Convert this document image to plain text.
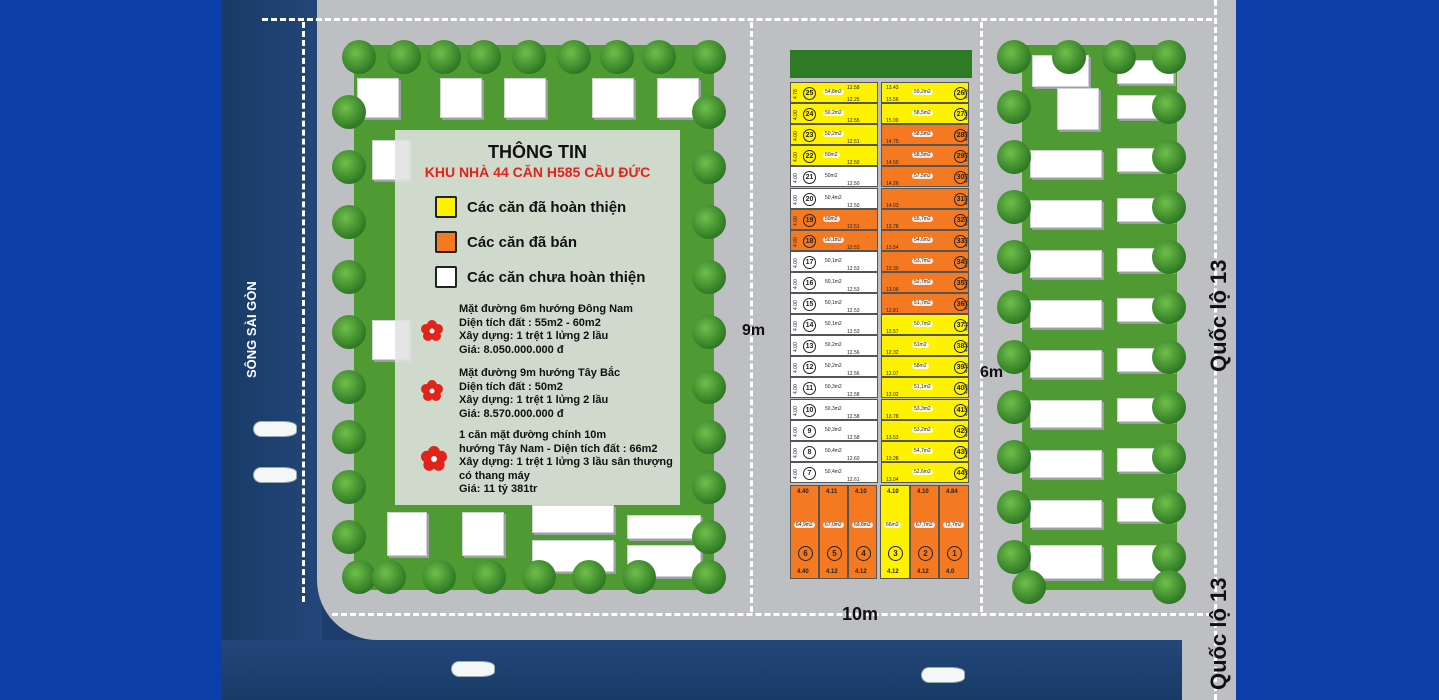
25	54,8m2
12.25
12.58
4.78
24	50,2m2
12.55
4.00
23	50,2m2
12.51
4.00
22	50m2
12.50
4.00
21	50m2
12.50
4.00
20	50,4m2
12.50
4.00
19	50m2
12.51
4.00
18	50,1m2
12.53
4.00
17	50,1m2
12.53
4.00
16	50,1m2
12.53
4.00
15	50,1m2
12.53
4.00
14	50,1m2
12.53
4.00
13	50,2m2
12.56
4.00
12	50,2m2
12.56
4.00
11	50,3m2
12.58
4.00
10	50,3m2
12.58
4.00
9	50,3m2
12.58
4.00
8	50,4m2
12.60
4.00
7	50,4m2
12.61
4.00
26
59,2m2
13.56
13.43
4.78
27
58,5m2
15.00
4.00
28
58,5m2
14.75
4.01
29
58,5m2
14.50
4.01
30
57,5m2
14.26
4.01
31
14.03
4.01
32
55,7m2
13.78
4.01
33
54,6m2
13.54
4.01
34
53,7m2
13.30
4.01
35
52,7m2
13.06
4.01
36
51,7m2
12.81
4.01
37
50,7m2
12.57
4.11
38
51m2
12.32
4.10
39
58m2
12.07
4.10
40
51,1m2
13.02
4.20
41
53,3m2
13.78
4.00
42
53,2m2
13.53
4.00
43
54,7m2
13.28
4.00
44
52,6m2
13.04
4.00
4.40
64,9m2
6
4.40
4.11
67,0m2
5
4.12
4.10
69,8m2
4
4.12
4.10
66m2
3
4.12
4.10
67,7m2
2
4.12
4.84
72,7m2
1
4.0
THÔNG TIN
KHU NHÀ 44 CĂN H585 CẦU ĐỨC
Các căn đã hoàn thiện
Các căn đã bán
Các căn chưa hoàn thiện
Mặt đường 6m hướng Đông Nam
Diện tích đất : 55m2 - 60m2
Xây dựng: 1 trệt 1 lửng 2 lầu
Giá: 8.050.000.000 đ
Mặt đường 9m hướng Tây Bắc
Diện tích đất : 50m2
Xây dựng: 1 trệt 1 lửng 2 lầu
Giá: 8.570.000.000 đ
1 căn mặt đường chính 10m
hướng Tây Nam - Diện tích đất : 66m2
Xây dựng: 1 trệt 1 lửng 3 lầu sân thượng
có thang máy
Giá: 11 tỷ 381tr
SÔNG SÀI GÒN	9m
6m
10m
Quốc lộ 13
Quốc lộ 13
